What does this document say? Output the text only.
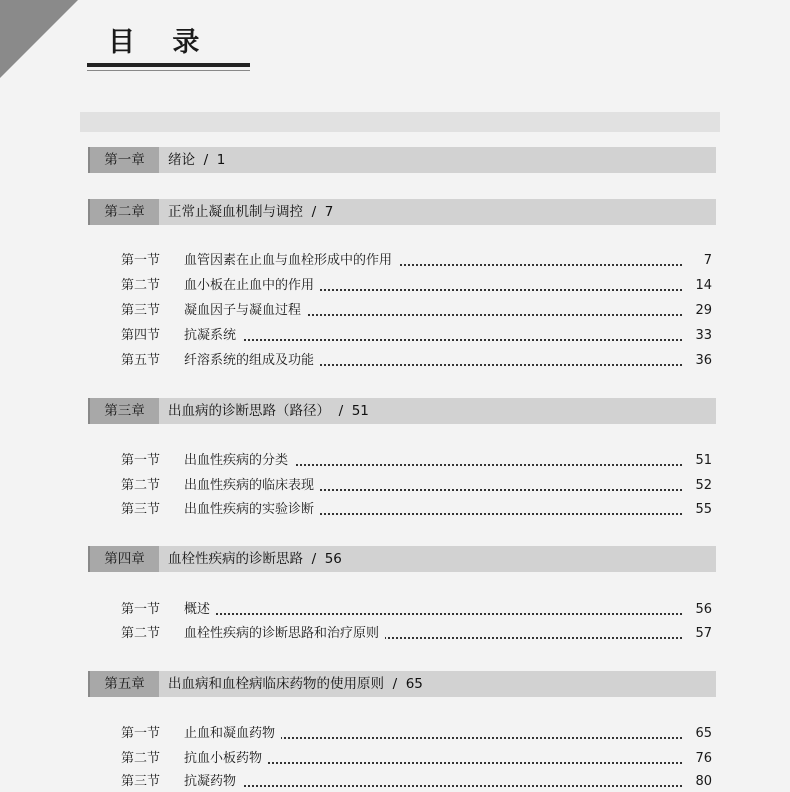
目 录
第一章	绪论  /  1
第二章	正常止凝血机制与调控  /  7
第一节 血管因素在止血与血栓形成中的作用	7
第二节 血小板在止血中的作用	14
第三节 凝血因子与凝血过程	29
第四节 抗凝系统	33
第五节 纤溶系统的组成及功能	36
第三章	出血病的诊断思路（路径）  /  51
第一节 出血性疾病的分类	51
第二节 出血性疾病的临床表现	52
第三节 出血性疾病的实验诊断	55
第四章	血栓性疾病的诊断思路  /  56
第一节 概述	56
第二节 血栓性疾病的诊断思路和治疗原则	57
第五章	出血病和血栓病临床药物的使用原则  /  65
第一节 止血和凝血药物	65
第二节 抗血小板药物	76
第三节 抗凝药物	80
